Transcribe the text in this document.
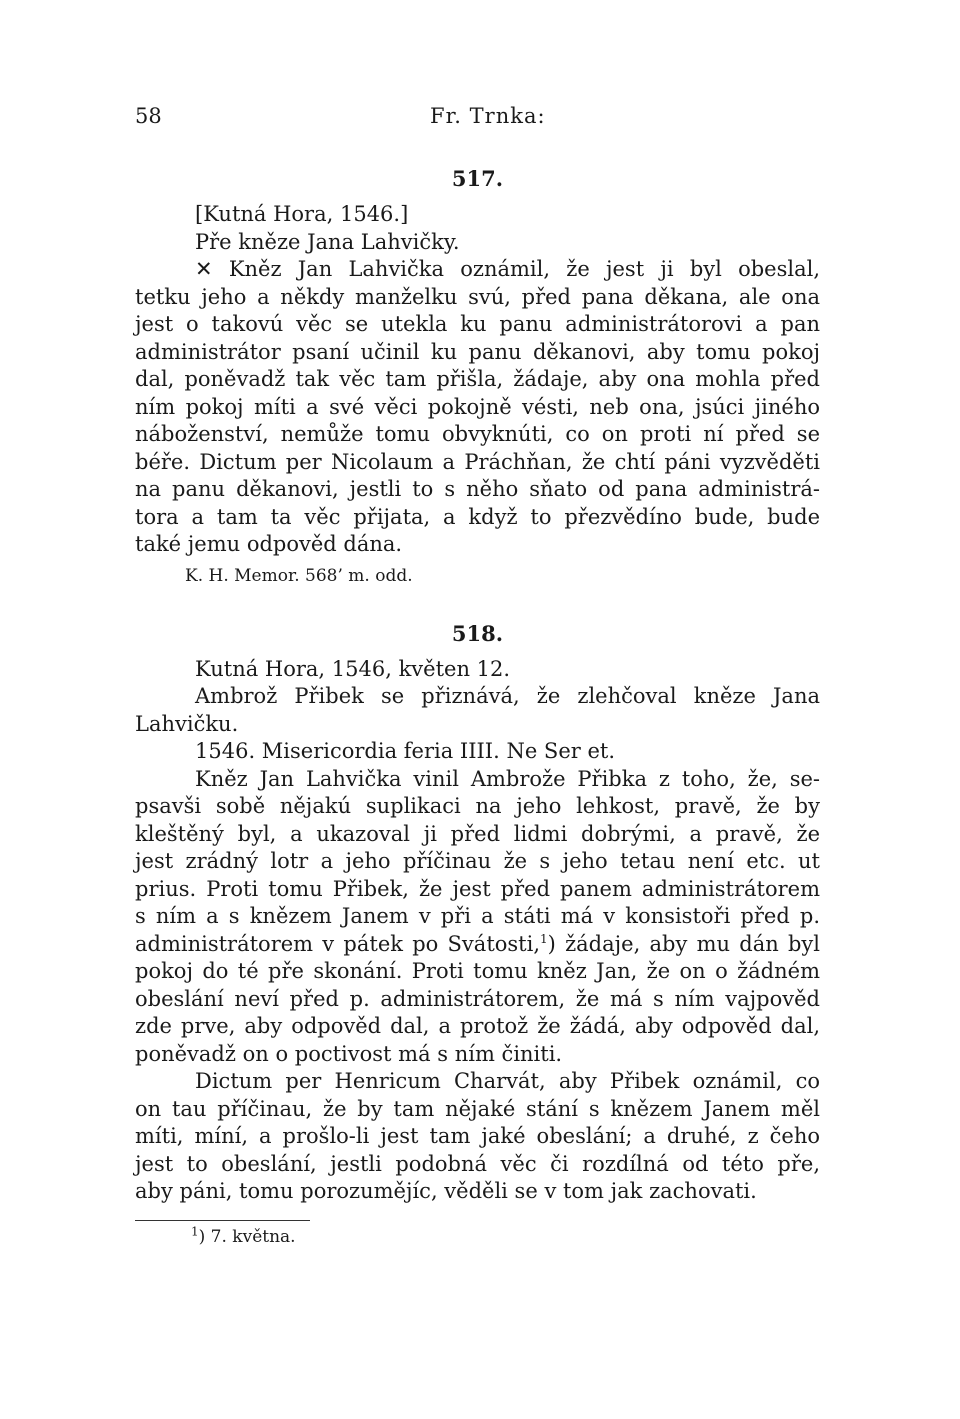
58	Fr. Trnka:
517.
[Kutná Hora, 1546.]
Pře kněze Jana Lahvičky.
✕ Kněz Jan Lahvička oznámil, že jest ji byl obeslal,
tetku jeho a někdy manželku svú, před pana děkana, ale ona
jest o takovú věc se utekla ku panu administrátorovi a pan
administrátor psaní učinil ku panu děkanovi, aby tomu pokoj
dal, poněvadž tak věc tam přišla, žádaje, aby ona mohla před
ním pokoj míti a své věci pokojně vésti, neb ona, jsúci jiného
náboženství, nemůže tomu obvyknúti, co on proti ní před se
béře. Dictum per Nicolaum a Práchňan, že chtí páni vyzvěděti
na panu děkanovi, jestli to s něho sňato od pana administrá-
tora a tam ta věc přijata, a když to přezvědíno bude, bude
také jemu odpověd dána.
K. H. Memor. 568’ m. odd.
518.
Kutná Hora, 1546, květen 12.
Ambrož Přibek se přiznává, že zlehčoval kněze Jana
Lahvičku.
1546. Misericordia feria IIII. Ne Ser et.
Kněz Jan Lahvička vinil Ambrože Přibka z toho, že, se-
psavši sobě nějakú suplikaci na jeho lehkost, pravě, že by
kleštěný byl, a ukazoval ji před lidmi dobrými, a pravě, že
jest zrádný lotr a jeho příčinau že s jeho tetau není etc. ut
prius. Proti tomu Přibek, že jest před panem administrátorem
s ním a s knězem Janem v při a státi má v konsistoři před p.
administrátorem v pátek po Svátosti,$^1$) žádaje, aby mu dán byl
pokoj do té pře skonání. Proti tomu kněz Jan, že on o žádném
obeslání neví před p. administrátorem, že má s ním vajpověd
zde prve, aby odpověd dal, a protož že žádá, aby odpověd dal,
poněvadž on o poctivost má s ním činiti.
Dictum per Henricum Charvát, aby Přibek oznámil, co
on tau příčinau, že by tam nějaké stání s knězem Janem měl
míti, míní, a prošlo-li jest tam jaké obeslání; a druhé, z čeho
jest to obeslání, jestli podobná věc či rozdílná od této pře,
aby páni, tomu porozumějíc, věděli se v tom jak zachovati.
$^1$) 7. května.
